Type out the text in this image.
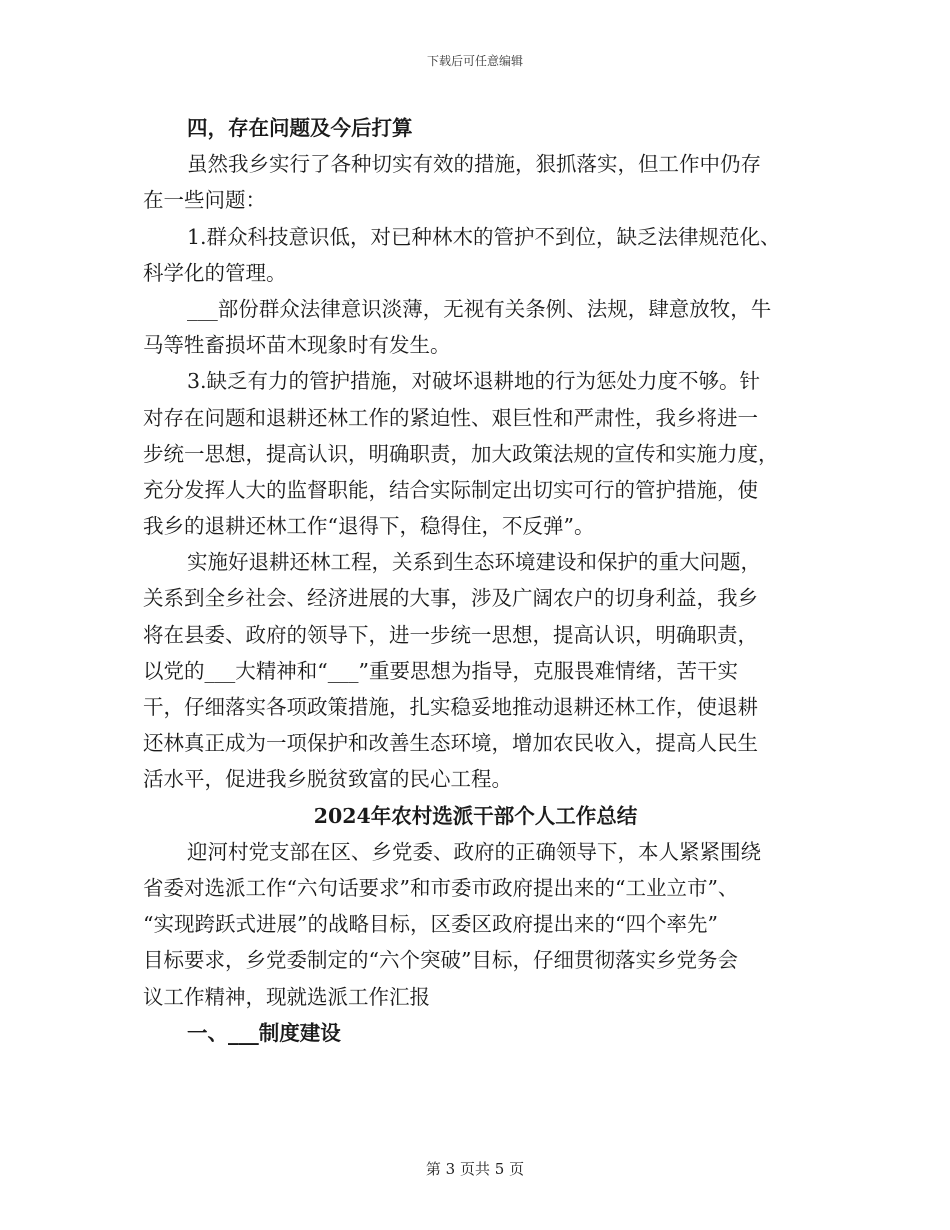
下载后可任意编辑
四，存在问题及今后打算
虽然我乡实行了各种切实有效的措施，狠抓落实，但工作中仍存
在一些问题：
1.群众科技意识低，对已种林木的管护不到位，缺乏法律规范化、
科学化的管理。
___部份群众法律意识淡薄，无视有关条例、法规，肆意放牧，牛
马等牲畜损坏苗木现象时有发生。
3.缺乏有力的管护措施，对破坏退耕地的行为惩处力度不够。针
对存在问题和退耕还林工作的紧迫性、艰巨性和严肃性，我乡将进一
步统一思想，提高认识，明确职责，加大政策法规的宣传和实施力度，
充分发挥人大的监督职能，结合实际制定出切实可行的管护措施，使
我乡的退耕还林工作“退得下，稳得住，不反弹”。
实施好退耕还林工程，关系到生态环境建设和保护的重大问题，
关系到全乡社会、经济进展的大事，涉及广阔农户的切身利益，我乡
将在县委、政府的领导下，进一步统一思想，提高认识，明确职责，
以党的___大精神和“___”重要思想为指导，克服畏难情绪，苦干实
干，仔细落实各项政策措施，扎实稳妥地推动退耕还林工作，使退耕
还林真正成为一项保护和改善生态环境，增加农民收入，提高人民生
活水平，促进我乡脱贫致富的民心工程。
2024年农村选派干部个人工作总结
迎河村党支部在区、乡党委、政府的正确领导下，本人紧紧围绕
省委对选派工作“六句话要求”和市委市政府提出来的“工业立市”、
“实现跨跃式进展”的战略目标，区委区政府提出来的“四个率先”
目标要求，乡党委制定的“六个突破”目标，仔细贯彻落实乡党务会
议工作精神，现就选派工作汇报
一、___制度建设
第 3 页共 5 页
